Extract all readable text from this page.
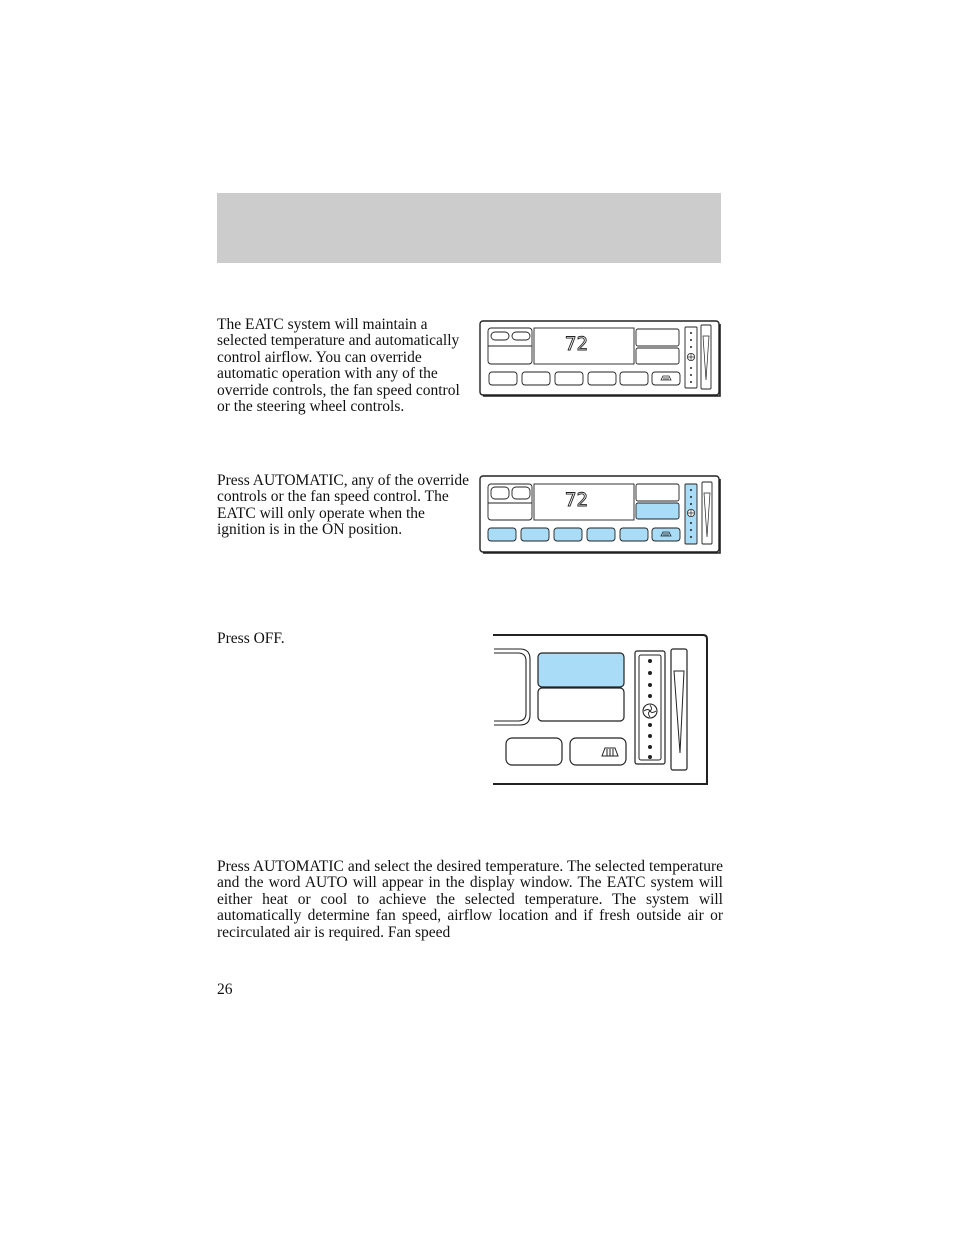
The EATC system will maintain a selected temperature and automatically control airflow. You can override automatic operation with any of the override controls, the fan speed control or the steering wheel controls.

Press AUTOMATIC, any of the override controls or the fan speed control. The EATC will only operate when the ignition is in the ON position.

Press OFF.

Press AUTOMATIC and select the desired temperature. The selected temperature and the word AUTO will appear in the display window. The EATC system will either heat or cool to achieve the selected temperature. The system will automatically determine fan speed, airflow location and if fresh outside air or recirculated air is required. Fan speed

26
72
72
